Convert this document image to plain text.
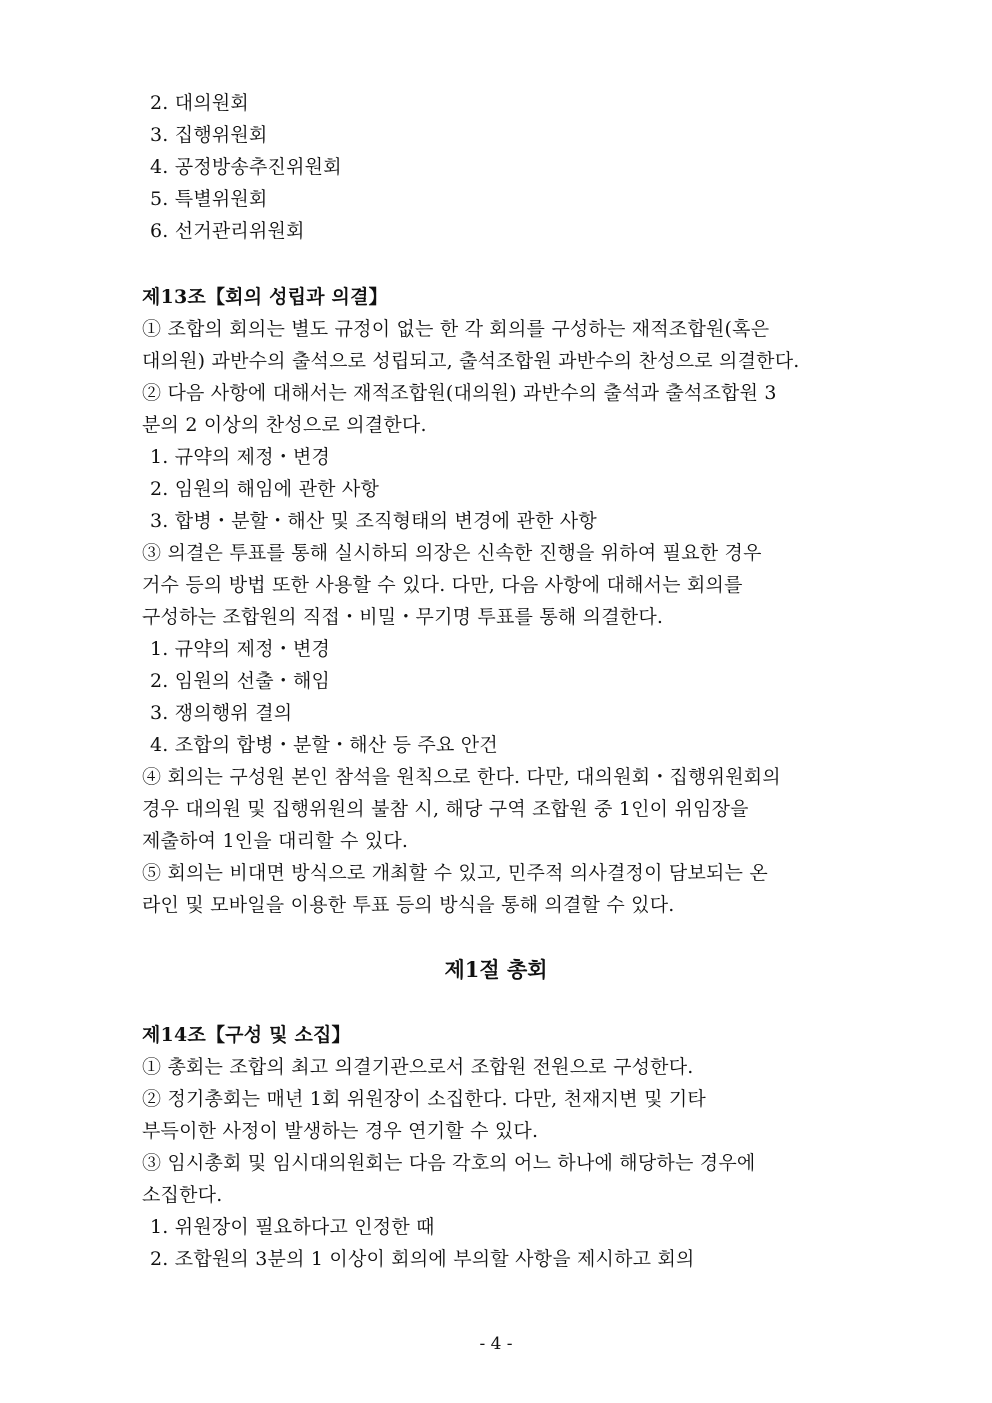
2. 대의원회
3. 집행위원회
4. 공정방송추진위원회
5. 특별위원회
6. 선거관리위원회
제13조【회의 성립과 의결】
① 조합의 회의는 별도 규정이 없는 한 각 회의를 구성하는 재적조합원(혹은
대의원) 과반수의 출석으로 성립되고, 출석조합원 과반수의 찬성으로 의결한다.
② 다음 사항에 대해서는 재적조합원(대의원) 과반수의 출석과 출석조합원 3
분의 2 이상의 찬성으로 의결한다.
1. 규약의 제정・변경
2. 임원의 해임에 관한 사항
3. 합병・분할・해산 및 조직형태의 변경에 관한 사항
③ 의결은 투표를 통해 실시하되 의장은 신속한 진행을 위하여 필요한 경우
거수 등의 방법 또한 사용할 수 있다. 다만, 다음 사항에 대해서는 회의를
구성하는 조합원의 직접・비밀・무기명 투표를 통해 의결한다.
1. 규약의 제정・변경
2. 임원의 선출・해임
3. 쟁의행위 결의
4. 조합의 합병・분할・해산 등 주요 안건
④ 회의는 구성원 본인 참석을 원칙으로 한다. 다만, 대의원회・집행위원회의
경우 대의원 및 집행위원의 불참 시, 해당 구역 조합원 중 1인이 위임장을
제출하여 1인을 대리할 수 있다.
⑤ 회의는 비대면 방식으로 개최할 수 있고, 민주적 의사결정이 담보되는 온
라인 및 모바일을 이용한 투표 등의 방식을 통해 의결할 수 있다.
제1절 총회
제14조【구성 및 소집】
① 총회는 조합의 최고 의결기관으로서 조합원 전원으로 구성한다.
② 정기총회는 매년 1회 위원장이 소집한다. 다만, 천재지변 및 기타
부득이한 사정이 발생하는 경우 연기할 수 있다.
③ 임시총회 및 임시대의원회는 다음 각호의 어느 하나에 해당하는 경우에
소집한다.
1. 위원장이 필요하다고 인정한 때
2. 조합원의 3분의 1 이상이 회의에 부의할 사항을 제시하고 회의
- 4 -
